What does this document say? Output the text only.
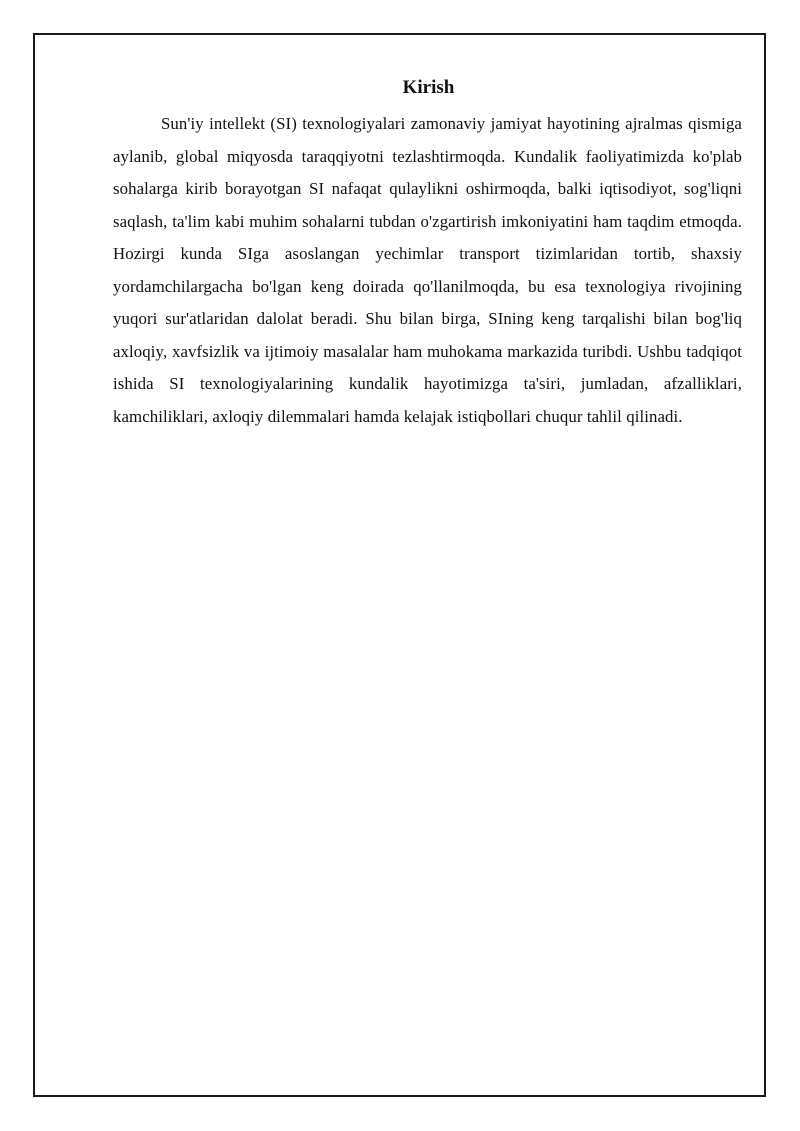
Kirish

Sun'iy intellekt (SI) texnologiyalari zamonaviy jamiyat hayotining ajralmas qismiga aylanib, global miqyosda taraqqiyotni tezlashtirmoqda. Kundalik faoliyatimizda ko'plab sohalarga kirib borayotgan SI nafaqat qulaylikni oshirmoqda, balki iqtisodiyot, sog'liqni saqlash, ta'lim kabi muhim sohalarni tubdan o'zgartirish imkoniyatini ham taqdim etmoqda. Hozirgi kunda SIga asoslangan yechimlar transport tizimlaridan tortib, shaxsiy yordamchilargacha bo'lgan keng doirada qo'llanilmoqda, bu esa texnologiya rivojining yuqori sur'atlaridan dalolat beradi. Shu bilan birga, SIning keng tarqalishi bilan bog'liq axloqiy, xavfsizlik va ijtimoiy masalalar ham muhokama markazida turibdi. Ushbu tadqiqot ishida SI texnologiyalarining kundalik hayotimizga ta'siri, jumladan, afzalliklari, kamchiliklari, axloqiy dilemmalari hamda kelajak istiqbollari chuqur tahlil qilinadi.
